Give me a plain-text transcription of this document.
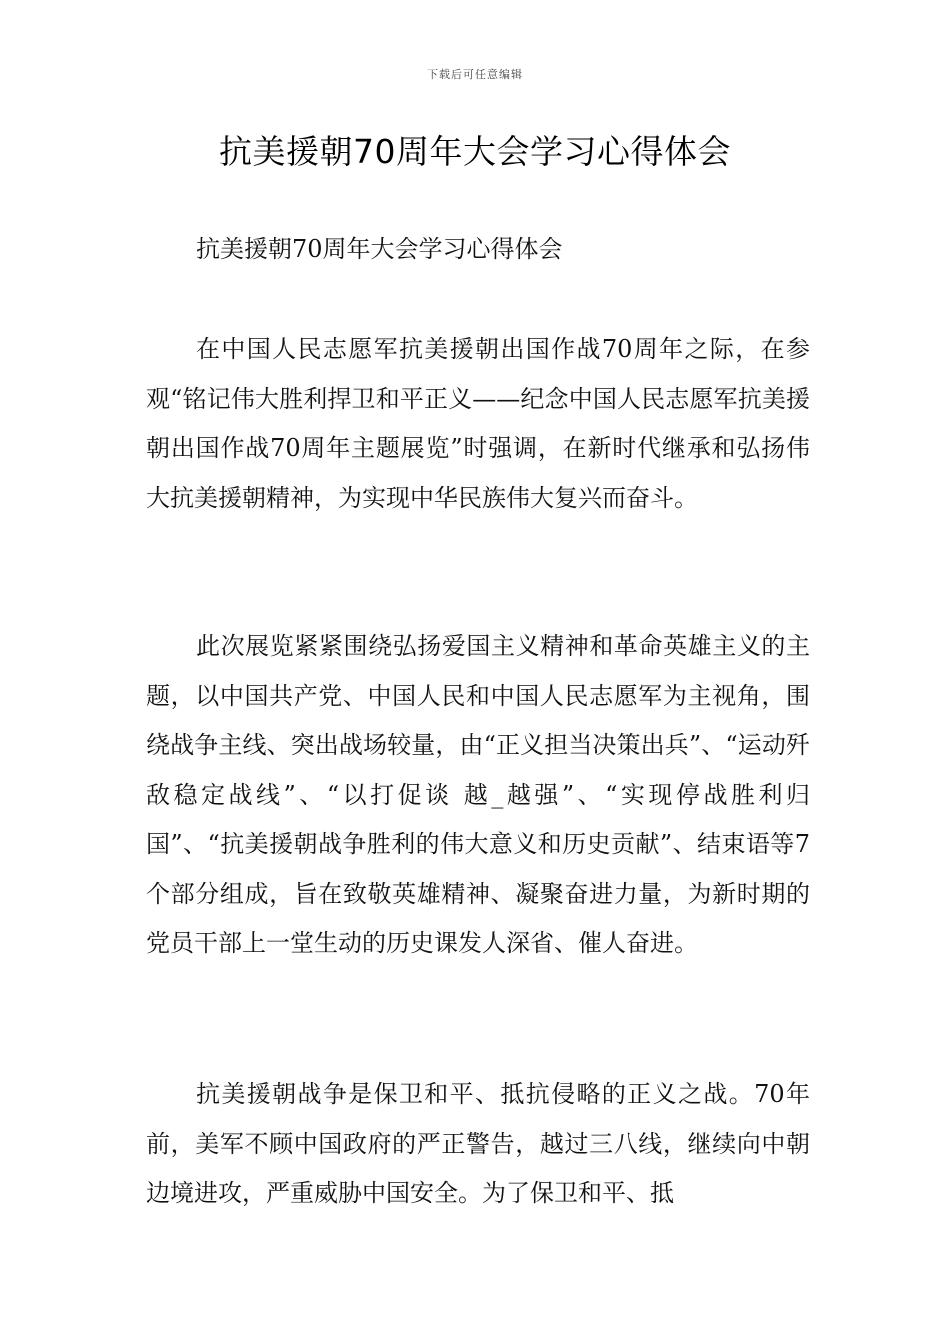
下载后可任意编辑
抗美援朝70周年大会学习心得体会

抗美援朝70周年大会学习心得体会

在中国人民志愿军抗美援朝出国作战70周年之际，在参观“铭记伟大胜利捍卫和平正义——纪念中国人民志愿军抗美援朝出国作战70周年主题展览”时强调，在新时代继承和弘扬伟大抗美援朝精神，为实现中华民族伟大复兴而奋斗。

此次展览紧紧围绕弘扬爱国主义精神和革命英雄主义的主题，以中国共产党、中国人民和中国人民志愿军为主视角，围绕战争主线、突出战场较量，由“正义担当决策出兵”、“运动歼敌稳定战线”、“以打促谈 越_越强”、“实现停战胜利归国”、“抗美援朝战争胜利的伟大意义和历史贡献”、结束语等7个部分组成，旨在致敬英雄精神、凝聚奋进力量，为新时期的党员干部上一堂生动的历史课发人深省、催人奋进。

抗美援朝战争是保卫和平、抵抗侵略的正义之战。70年前，美军不顾中国政府的严正警告，越过三八线，继续向中朝边境进攻，严重威胁中国安全。为了保卫和平、抵
